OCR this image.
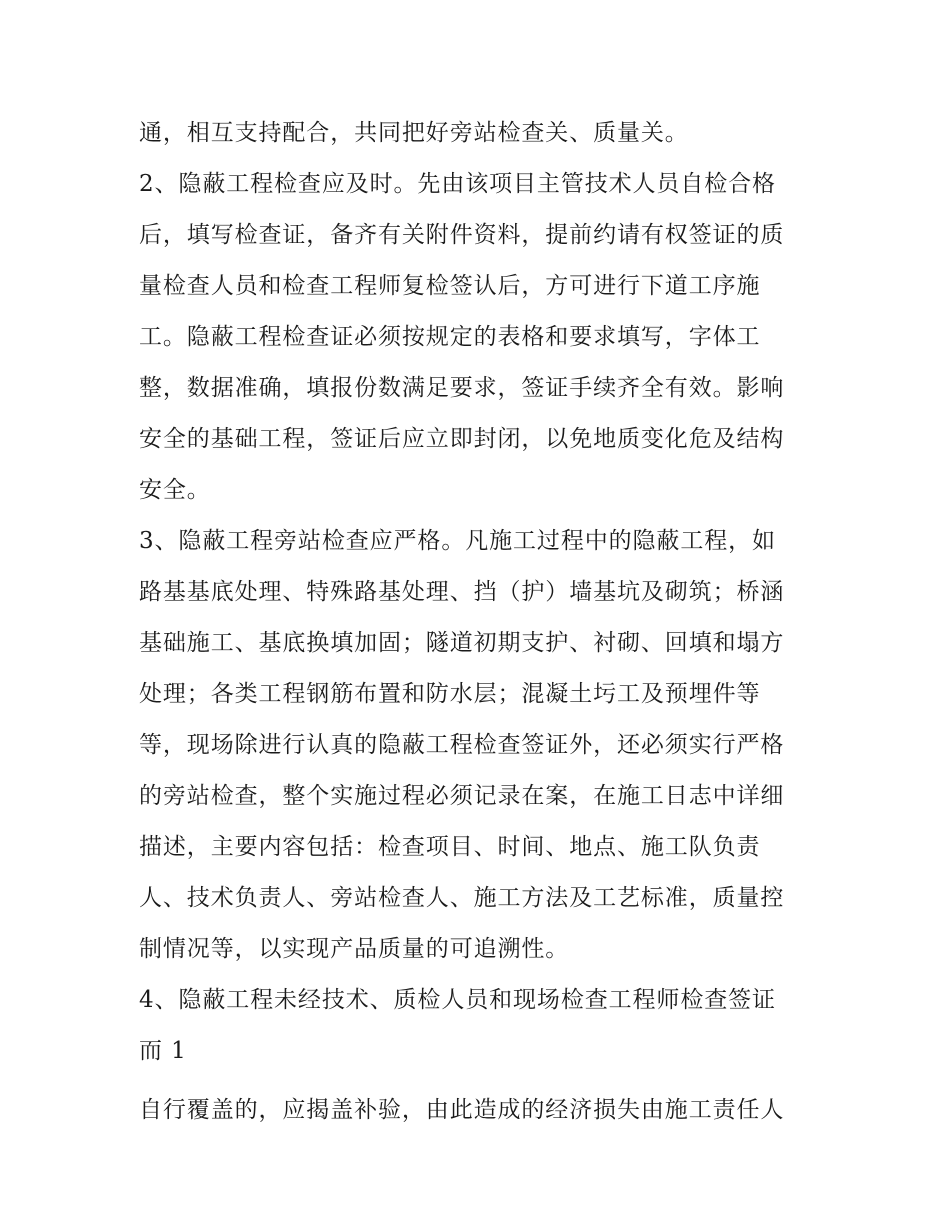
通，相互支持配合，共同把好旁站检查关、质量关。
2、隐蔽工程检查应及时。先由该项目主管技术人员自检合格
后，填写检查证，备齐有关附件资料，提前约请有权签证的质
量检查人员和检查工程师复检签认后，方可进行下道工序施
工。隐蔽工程检查证必须按规定的表格和要求填写，字体工
整，数据准确，填报份数满足要求，签证手续齐全有效。影响
安全的基础工程，签证后应立即封闭，以免地质变化危及结构
安全。
3、隐蔽工程旁站检查应严格。凡施工过程中的隐蔽工程，如
路基基底处理、特殊路基处理、挡（护）墙基坑及砌筑；桥涵
基础施工、基底换填加固；隧道初期支护、衬砌、回填和塌方
处理；各类工程钢筋布置和防水层；混凝土圬工及预埋件等
等，现场除进行认真的隐蔽工程检查签证外，还必须实行严格
的旁站检查，整个实施过程必须记录在案，在施工日志中详细
描述，主要内容包括：检查项目、时间、地点、施工队负责
人、技术负责人、旁站检查人、施工方法及工艺标准，质量控
制情况等，以实现产品质量的可追溯性。
4、隐蔽工程未经技术、质检人员和现场检查工程师检查签证
而 1
自行覆盖的，应揭盖补验，由此造成的经济损失由施工责任人
